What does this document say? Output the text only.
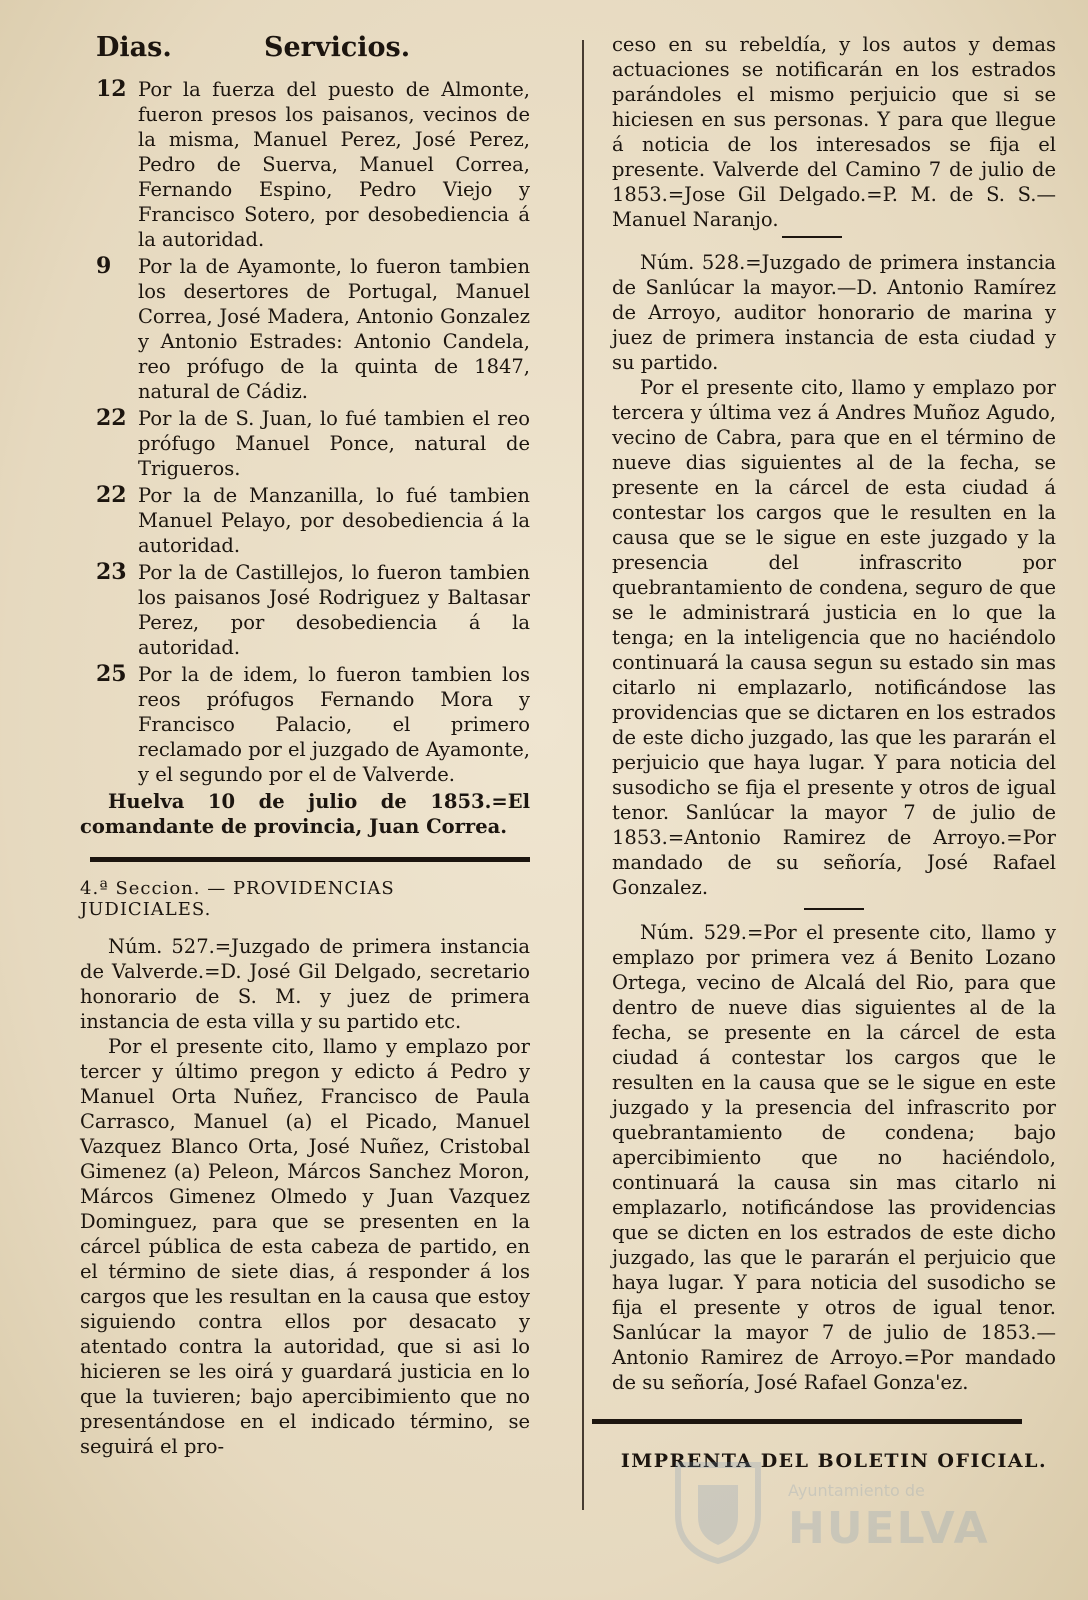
Dias.	Servicios.
12 Por la fuerza del puesto de Almonte, fueron presos los paisanos, vecinos de la misma, Manuel Perez, José Perez, Pedro de Suerva, Manuel Correa, Fernando Espino, Pedro Viejo y Francisco Sotero, por desobediencia á la autoridad.
9	Por la de Ayamonte, lo fueron tambien los desertores de Portugal, Manuel Correa, José Madera, Antonio Gonzalez y Antonio Estrades: Antonio Candela, reo prófugo de la quinta de 1847, natural de Cádiz.
22 Por la de S. Juan, lo fué tambien el reo prófugo Manuel Ponce, natural de Trigueros.
22 Por la de Manzanilla, lo fué tambien Manuel Pelayo, por desobediencia á la autoridad.
23 Por la de Castillejos, lo fueron tambien los paisanos José Rodriguez y Baltasar Perez, por desobediencia á la autoridad.
25 Por la de idem, lo fueron tambien los reos prófugos Fernando Mora y Francisco Palacio, el primero reclamado por el juzgado de Ayamonte, y el segundo por el de Valverde.

Huelva 10 de julio de 1853.=El comandante de provincia, Juan Correa.

4.ª Seccion. — PROVIDENCIAS JUDICIALES.

Núm. 527.=Juzgado de primera instancia de Valverde.=D. José Gil Delgado, secretario honorario de S. M. y juez de primera instancia de esta villa y su partido etc.

Por el presente cito, llamo y emplazo por tercer y último pregon y edicto á Pedro y Manuel Orta Nuñez, Francisco de Paula Carrasco, Manuel (a) el Picado, Manuel Vazquez Blanco Orta, José Nuñez, Cristobal Gimenez (a) Peleon, Márcos Sanchez Moron, Márcos Gimenez Olmedo y Juan Vazquez Dominguez, para que se presenten en la cárcel pública de esta cabeza de partido, en el término de siete dias, á responder á los cargos que les resultan en la causa que estoy siguiendo contra ellos por desacato y atentado contra la autoridad, que si asi lo hicieren se les oirá y guardará justicia en lo que la tuvieren; bajo apercibimiento que no presentándose en el indicado término, se seguirá el pro-

ceso en su rebeldía, y los autos y demas actuaciones se notificarán en los estrados parándoles el mismo perjuicio que si se hiciesen en sus personas. Y para que llegue á noticia de los interesados se fija el presente. Valverde del Camino 7 de julio de 1853.=Jose Gil Delgado.=P. M. de S. S.—Manuel Naranjo.

Núm. 528.=Juzgado de primera instancia de Sanlúcar la mayor.—D. Antonio Ramírez de Arroyo, auditor honorario de marina y juez de primera instancia de esta ciudad y su partido.

Por el presente cito, llamo y emplazo por tercera y última vez á Andres Muñoz Agudo, vecino de Cabra, para que en el término de nueve dias siguientes al de la fecha, se presente en la cárcel de esta ciudad á contestar los cargos que le resulten en la causa que se le sigue en este juzgado y la presencia del infrascrito por quebrantamiento de condena, seguro de que se le administrará justicia en lo que la tenga; en la inteligencia que no haciéndolo continuará la causa segun su estado sin mas citarlo ni emplazarlo, notificándose las providencias que se dictaren en los estrados de este dicho juzgado, las que les pararán el perjuicio que haya lugar. Y para noticia del susodicho se fija el presente y otros de igual tenor. Sanlúcar la mayor 7 de julio de 1853.=Antonio Ramirez de Arroyo.=Por mandado de su señoría, José Rafael Gonzalez.

Núm. 529.=Por el presente cito, llamo y emplazo por primera vez á Benito Lozano Ortega, vecino de Alcalá del Rio, para que dentro de nueve dias siguientes al de la fecha, se presente en la cárcel de esta ciudad á contestar los cargos que le resulten en la causa que se le sigue en este juzgado y la presencia del infrascrito por quebrantamiento de condena; bajo apercibimiento que no haciéndolo, continuará la causa sin mas citarlo ni emplazarlo, notificándose las providencias que se dicten en los estrados de este dicho juzgado, las que le pararán el perjuicio que haya lugar. Y para noticia del susodicho se fija el presente y otros de igual tenor. Sanlúcar la mayor 7 de julio de 1853.—Antonio Ramirez de Arroyo.=Por mandado de su señoría, José Rafael Gonza'ez.

IMPRENTA DEL BOLETIN OFICIAL.
Ayuntamiento de
HUELVA
